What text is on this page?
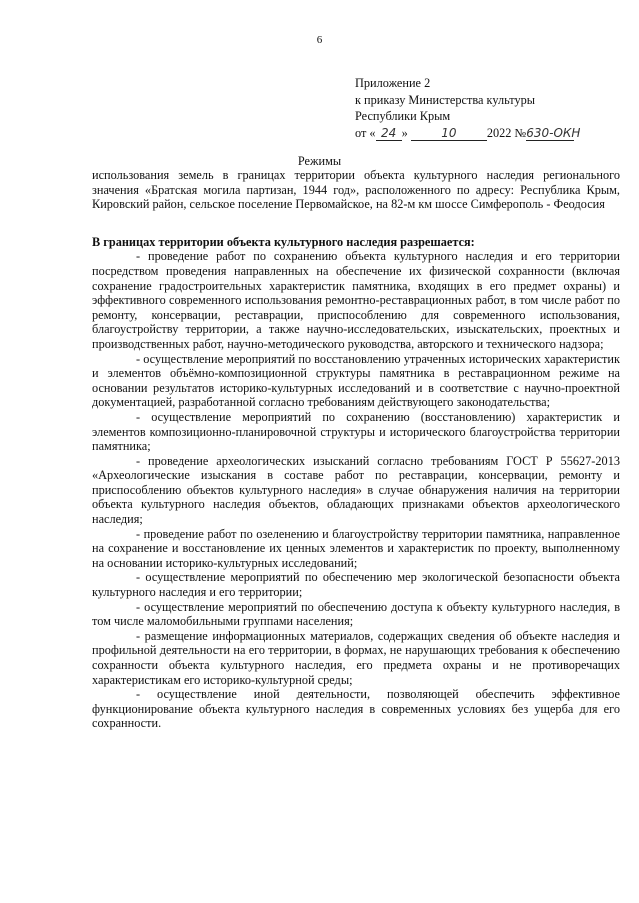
6
Приложение 2
к приказу Министерства культуры
Республики Крым
от « 24 »	10 2022 №630-ОКН
Режимы

использования земель в границах территории объекта культурного наследия регионального значения «Братская могила партизан, 1944 год», расположенного по адресу: Республика Крым, Кировский район, сельское поселение Первомайское, на 82-м км шоссе Симферополь - Феодосия

В границах территории объекта культурного наследия разрешается:

- проведение работ по сохранению объекта культурного наследия и его территории посредством проведения направленных на обеспечение их физической сохранности (включая сохранение градостроительных характеристик памятника, входящих в его предмет охраны) и эффективного современного использования ремонтно-реставрационных работ, в том числе работ по ремонту, консервации, реставрации, приспособлению для современного использования, благоустройству территории, а также научно-исследовательских, изыскательских, проектных и производственных работ, научно-методического руководства, авторского и технического надзора;

- осуществление мероприятий по восстановлению утраченных исторических характеристик и элементов объёмно-композиционной структуры памятника в реставрационном режиме на основании результатов историко-культурных исследований и в соответствие с научно-проектной документацией, разработанной согласно требованиям действующего законодательства;

- осуществление мероприятий по сохранению (восстановлению) характеристик и элементов композиционно-планировочной структуры и исторического благоустройства территории памятника;

- проведение археологических изысканий согласно требованиям ГОСТ Р 55627-2013 «Археологические изыскания в составе работ по реставрации, консервации, ремонту и приспособлению объектов культурного наследия» в случае обнаружения наличия на территории объекта культурного наследия объектов, обладающих признаками объектов археологического наследия;

- проведение работ по озеленению и благоустройству территории памятника, направленное на сохранение и восстановление их ценных элементов и характеристик по проекту, выполненному на основании историко-культурных исследований;

- осуществление мероприятий по обеспечению мер экологической безопасности объекта культурного наследия и его территории;

- осуществление мероприятий по обеспечению доступа к объекту культурного наследия, в том числе маломобильными группами населения;

- размещение информационных материалов, содержащих сведения об объекте наследия и профильной деятельности на его территории, в формах, не нарушающих требования к обеспечению сохранности объекта культурного наследия, его предмета охраны и не противоречащих характеристикам его историко-культурной среды;

- осуществление иной деятельности, позволяющей обеспечить эффективное функционирование объекта культурного наследия в современных условиях без ущерба для его сохранности.
